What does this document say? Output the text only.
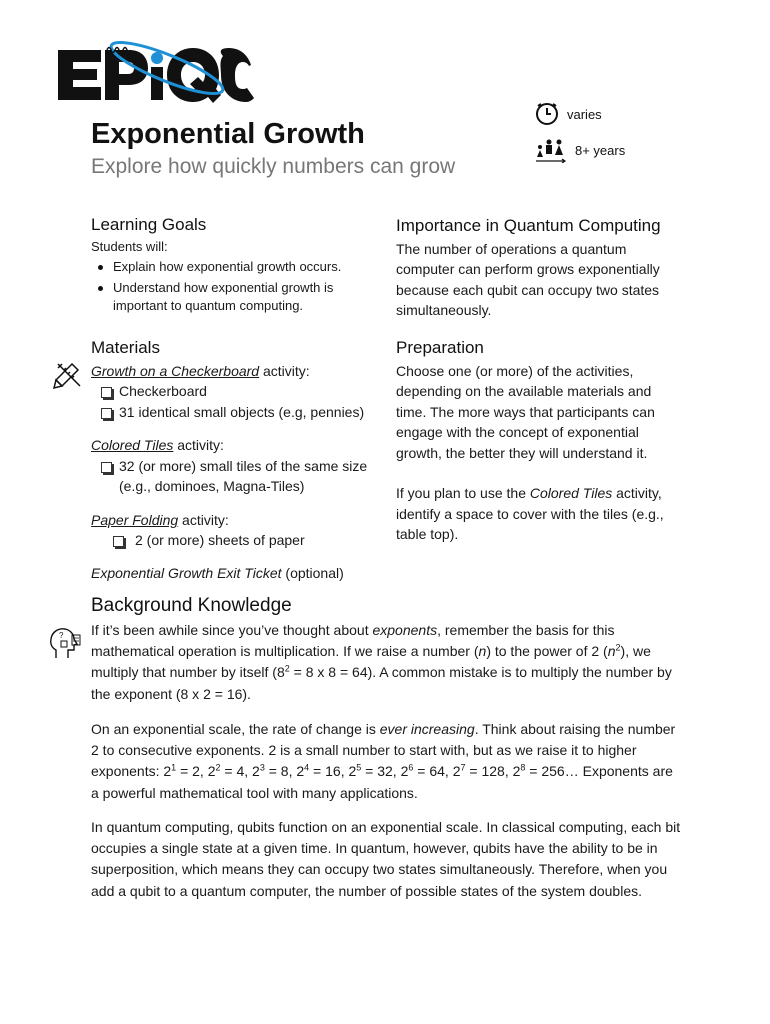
Exponential Growth
Explore how quickly numbers can grow
varies
8+ years
Learning Goals
Students will:
Explain how exponential growth occurs.
Understand how exponential growth is important to quantum computing.
Importance in Quantum Computing
The number of operations a quantum computer can perform grows exponentially because each qubit can occupy two states simultaneously.
Materials
Growth on a Checkerboard activity:
Checkerboard
31 identical small objects (e.g, pennies)
Colored Tiles activity:
32 (or more) small tiles of the same size (e.g., dominoes, Magna-Tiles)
Paper Folding activity:
2 (or more) sheets of paper
Exponential Growth Exit Ticket (optional)
Preparation
Choose one (or more) of the activities, depending on the available materials and time. The more ways that participants can engage with the concept of exponential growth, the better they will understand it.
If you plan to use the Colored Tiles activity, identify a space to cover with the tiles (e.g., table top).
Background Knowledge
? If it’s been awhile since you’ve thought about exponents, remember the basis for this mathematical operation is multiplication. If we raise a number (n) to the power of 2 $(n^2)$, we multiply that number by itself ($8^2 = 8$ x 8 = 64). A common mistake is to multiply the number by the exponent (8 x 2 = 16).
On an exponential scale, the rate of change is ever increasing. Think about raising the number 2 to consecutive exponents. 2 is a small number to start with, but as we raise it to higher exponents: $2^1 = 2$, $2^2 = 4$, $2^3 = 8$, $2^4 = 16$, $2^5 = 32$, $2^6 = 64$, $2^7 = 128$, $2^8$ = 256… Exponents are a powerful mathematical tool with many applications.
In quantum computing, qubits function on an exponential scale. In classical computing, each bit occupies a single state at a given time. In quantum, however, qubits have the ability to be in superposition, which means they can occupy two states simultaneously. Therefore, when you add a qubit to a quantum computer, the number of possible states of the system doubles.
